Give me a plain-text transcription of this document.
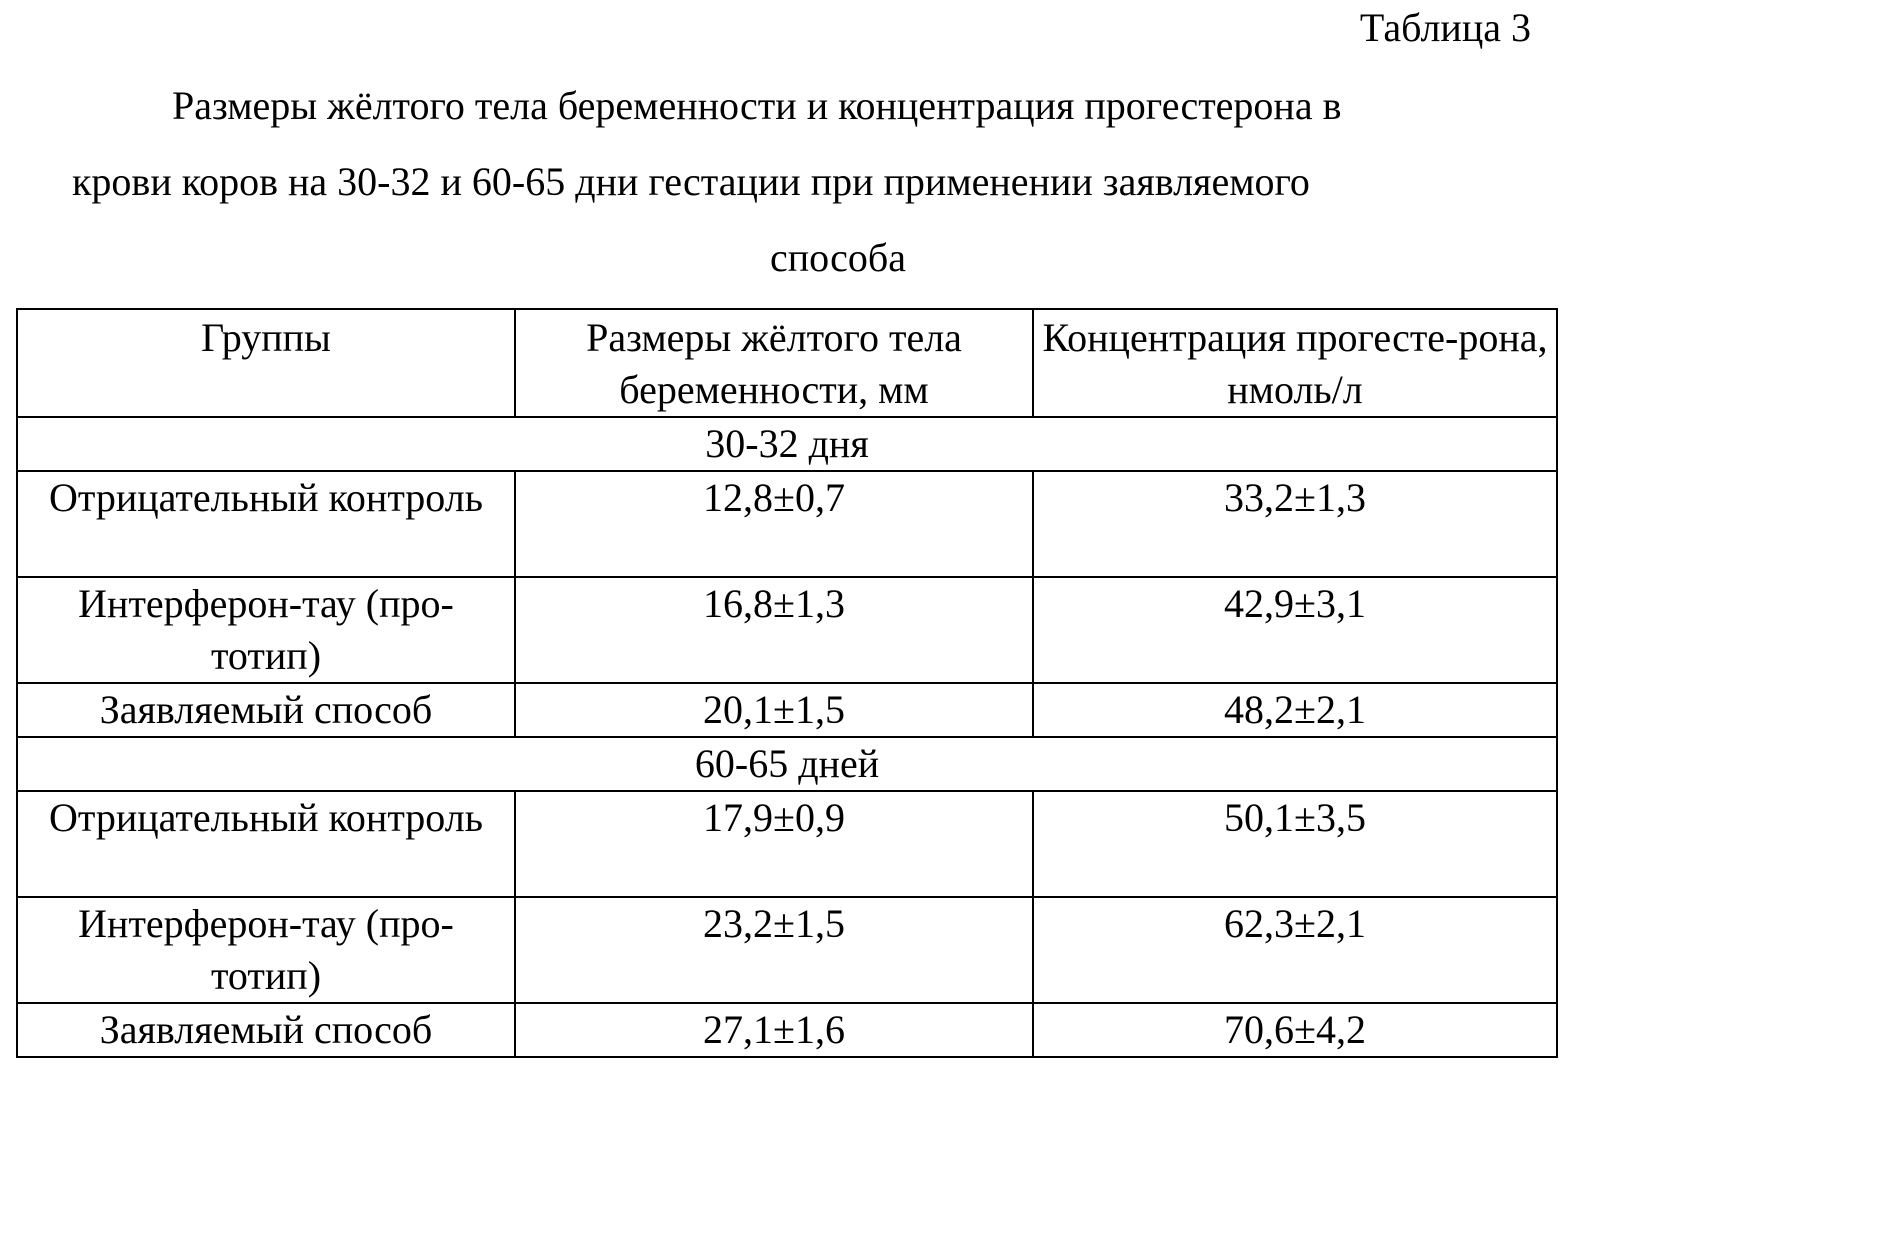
Таблица 3
Размеры жёлтого тела беременности и концентрация прогестерона в
крови коров на 30-32 и 60-65 дни гестации при применении заявляемого
способа
Группы	Размеры жёлтого тела беременности, мм	Концентрация прогесте-рона, нмоль/л
30-32 дня		
Отрицательный контроль	12,8±0,7	33,2±1,3
Интерферон-тау (про-тотип)	16,8±1,3	42,9±3,1
Заявляемый способ	20,1±1,5	48,2±2,1
60-65 дней		
Отрицательный контроль	17,9±0,9	50,1±3,5
Интерферон-тау (про-тотип)	23,2±1,5	62,3±2,1
Заявляемый способ	27,1±1,6	70,6±4,2
